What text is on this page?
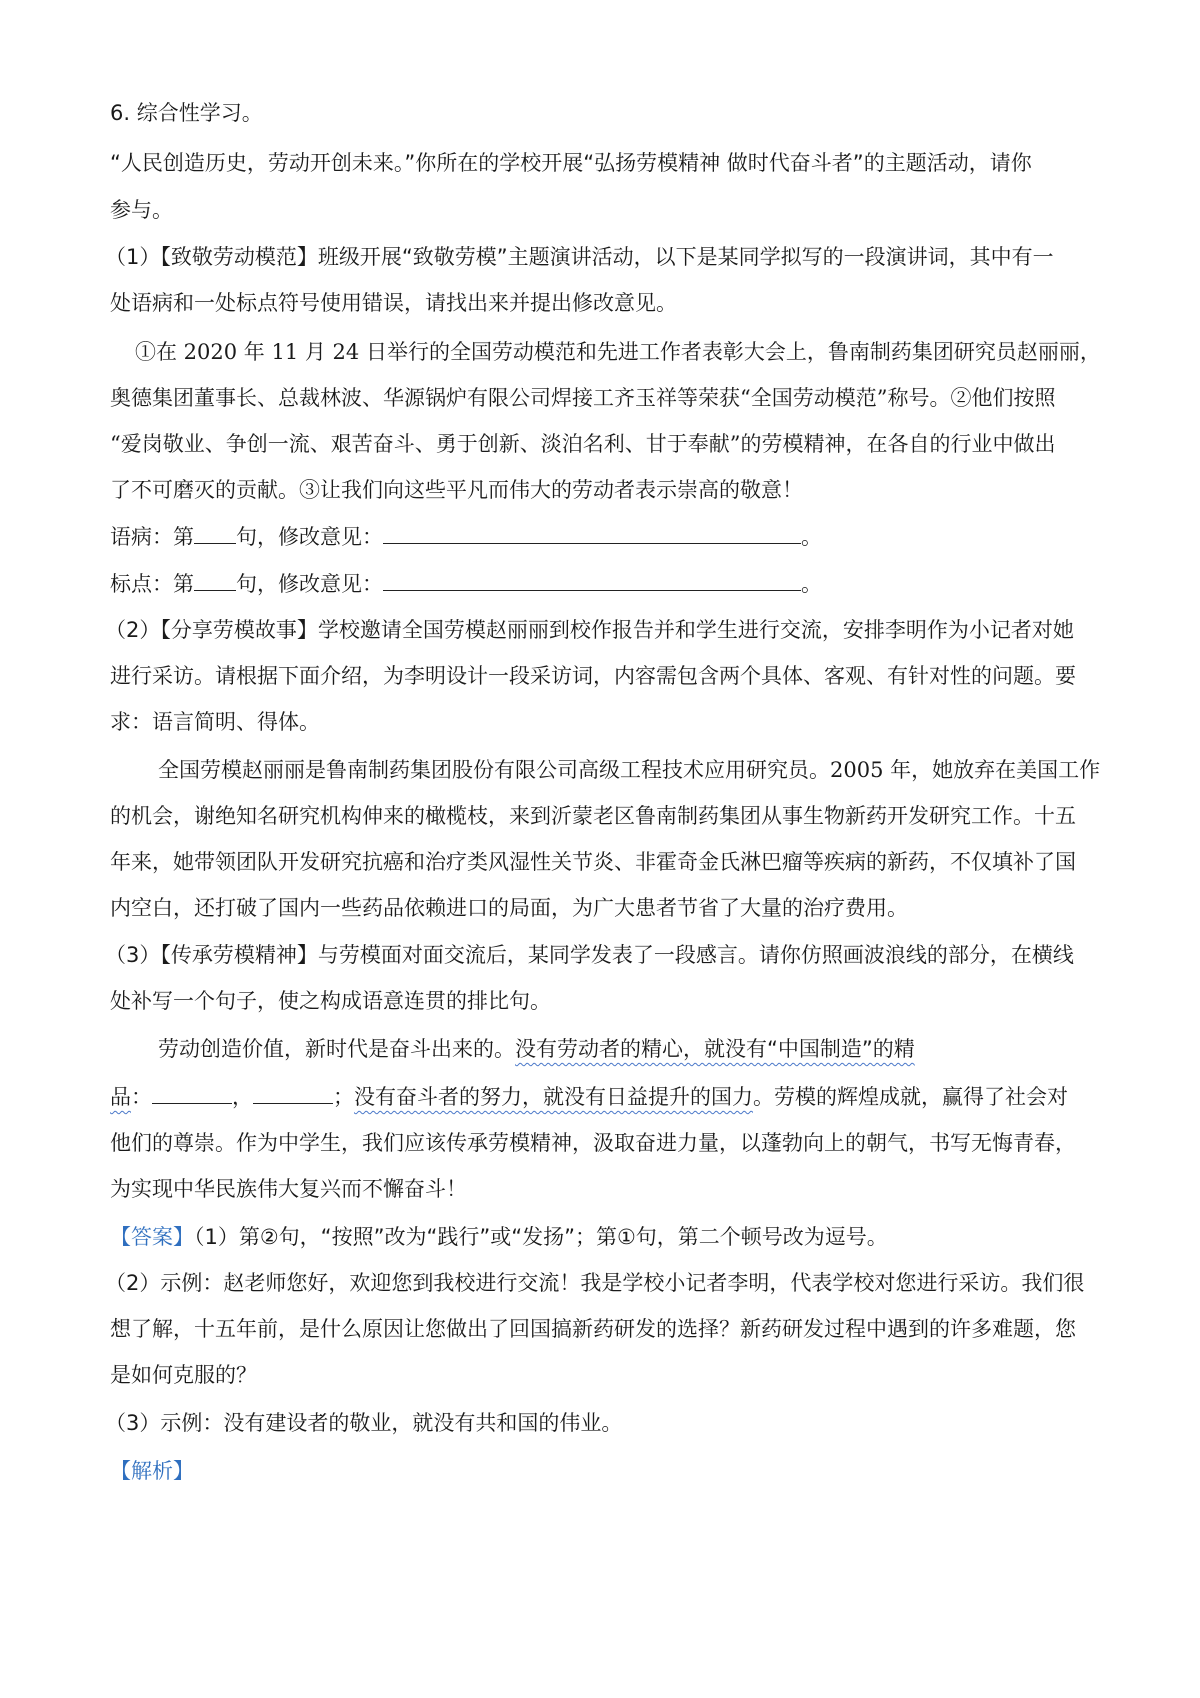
6. 综合性学习。
“人民创造历史，劳动开创未来。”你所在的学校开展“弘扬劳模精神 做时代奋斗者”的主题活动，请你
参与。
（1）【致敬劳动模范】班级开展“致敬劳模”主题演讲活动，以下是某同学拟写的一段演讲词，其中有一
处语病和一处标点符号使用错误，请找出来并提出修改意见。
①在 2020 年 11 月 24 日举行的全国劳动模范和先进工作者表彰大会上，鲁南制药集团研究员赵丽丽，
奥德集团董事长、总裁林波、华源锅炉有限公司焊接工齐玉祥等荣获“全国劳动模范”称号。②他们按照
“爱岗敬业、争创一流、艰苦奋斗、勇于创新、淡泊名利、甘于奉献”的劳模精神，在各自的行业中做出
了不可磨灭的贡献。③让我们向这些平凡而伟大的劳动者表示崇高的敬意！
语病：第 句，修改意见：	。
标点：第 句，修改意见：	。
（2）【分享劳模故事】学校邀请全国劳模赵丽丽到校作报告并和学生进行交流，安排李明作为小记者对她
进行采访。请根据下面介绍，为李明设计一段采访词，内容需包含两个具体、客观、有针对性的问题。要
求：语言简明、得体。
全国劳模赵丽丽是鲁南制药集团股份有限公司高级工程技术应用研究员。2005 年，她放弃在美国工作
的机会，谢绝知名研究机构伸来的橄榄枝，来到沂蒙老区鲁南制药集团从事生物新药开发研究工作。十五
年来，她带领团队开发研究抗癌和治疗类风湿性关节炎、非霍奇金氏淋巴瘤等疾病的新药，不仅填补了国
内空白，还打破了国内一些药品依赖进口的局面，为广大患者节省了大量的治疗费用。
（3）【传承劳模精神】与劳模面对面交流后，某同学发表了一段感言。请你仿照画波浪线的部分，在横线
处补写一个句子，使之构成语意连贯的排比句。
劳动创造价值，新时代是奋斗出来的。没有劳动者的精心，就没有“中国制造”的精
品：	，	；没有奋斗者的努力，就没有日益提升的国力。劳模的辉煌成就，赢得了社会对
他们的尊崇。作为中学生，我们应该传承劳模精神，汲取奋进力量，以蓬勃向上的朝气，书写无悔青春，
为实现中华民族伟大复兴而不懈奋斗！
【答案】（1）第②句，“按照”改为“践行”或“发扬”；第①句，第二个顿号改为逗号。
（2）示例：赵老师您好，欢迎您到我校进行交流！我是学校小记者李明，代表学校对您进行采访。我们很
想了解，十五年前，是什么原因让您做出了回国搞新药研发的选择？新药研发过程中遇到的许多难题，您
是如何克服的？
（3）示例：没有建设者的敬业，就没有共和国的伟业。
【解析】
